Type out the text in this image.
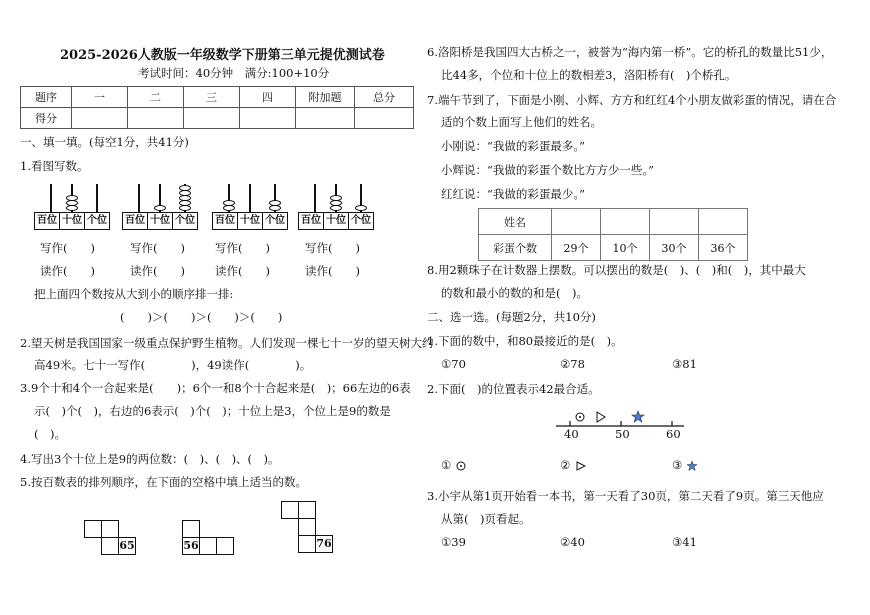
2025-2026人教版一年级数学下册第三单元提优测试卷
考试时间：40分钟　满分:100+10分
题序	一	二	三	四	附加题	总分
得分						
一、填一填。(每空1分，共41分)
1.看图写数。
百位 十位 个位 百位 十位 个位 百位 十位 个位 百位 十位 个位
写作(　　)	写作(　　)	写作(　　)	写作(　　)
读作(　　)	读作(　　)	读作(　　)	读作(　　)
把上面四个数按从大到小的顺序排一排:
(　　)＞(　　)＞(　　)＞(　　)
2.望天树是我国国家一级重点保护野生植物。人们发现一棵七十一岁的望天树大约
高49米。七十一写作(　　　　)，49读作(　　　　)。
3.9个十和4个一合起来是(　　)；6个一和8个十合起来是(　)；66左边的6表
示(　)个(　)，右边的6表示(　)个(　)；十位上是3，个位上是9的数是
(　)。
4.写出3个十位上是9的两位数：(　)、(　)、(　)。
5.按百数表的排列顺序，在下面的空格中填上适当的数。
65	56	76
6.洛阳桥是我国四大古桥之一，被誉为“海内第一桥”。它的桥孔的数量比51少，
比44多，个位和十位上的数相差3，洛阳桥有(　)个桥孔。
7.端午节到了，下面是小刚、小辉、方方和红红4个小朋友做彩蛋的情况，请在合
适的个数上面写上他们的姓名。
小刚说：“我做的彩蛋最多。”
小辉说：“我做的彩蛋个数比方方少一些。”
红红说：“我做的彩蛋最少。”
姓名				
彩蛋个数	29个	10个	30个	36个
8.用2颗珠子在计数器上摆数。可以摆出的数是(　)、(　)和(　)，其中最大
的数和最小的数的和是(　)。
二、选一选。(每题2分，共10分)
1.下面的数中，和80最接近的是(　)。
①70	②78	③81
2.下面(　)的位置表示42最合适。
40	50	60
①	②	③
3.小宇从第1页开始看一本书，第一天看了30页，第二天看了9页。第三天他应
从第(　)页看起。
①39	②40	③41
